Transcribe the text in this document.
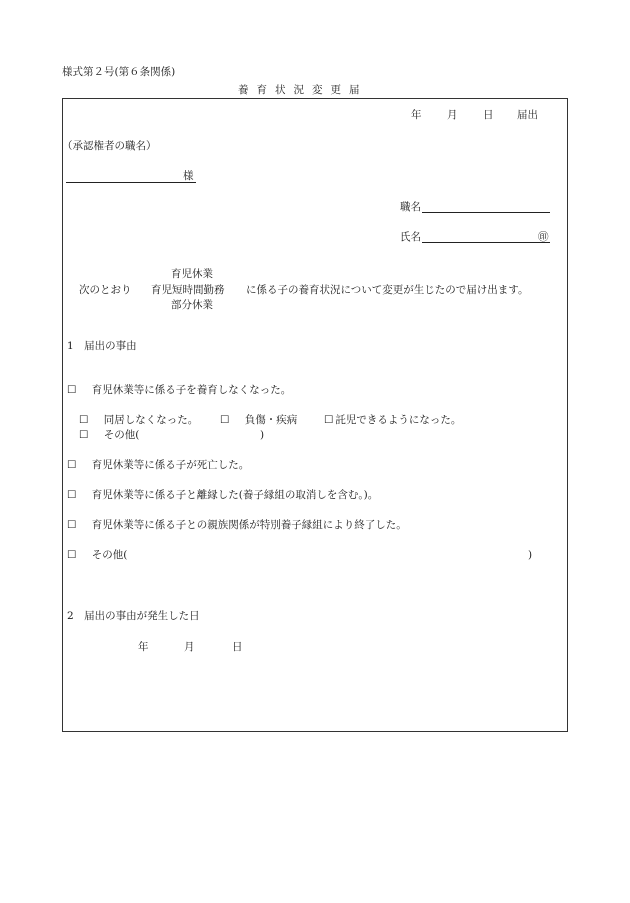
様式第２号(第６条関係)
養育状況変更届
年 月 日 届出
（承認権者の職名）
様
職名
氏名	㊞
育児休業
次のとおり 育児短時間勤務 に係る子の養育状況について変更が生じたので届け出ます。
部分休業
1　届出の事由
☐ 育児休業等に係る子を養育しなくなった。
☐ 同居しなくなった。 ☐ 負傷・疾病	☐ 託児できるようになった。
☐ その他(	)
☐ 育児休業等に係る子が死亡した。
☐ 育児休業等に係る子と離縁した(養子縁組の取消しを含む。)。
☐ 育児休業等に係る子との親族関係が特別養子縁組により終了した。
☐ その他(	)
2　届出の事由が発生した日
年	月	日
